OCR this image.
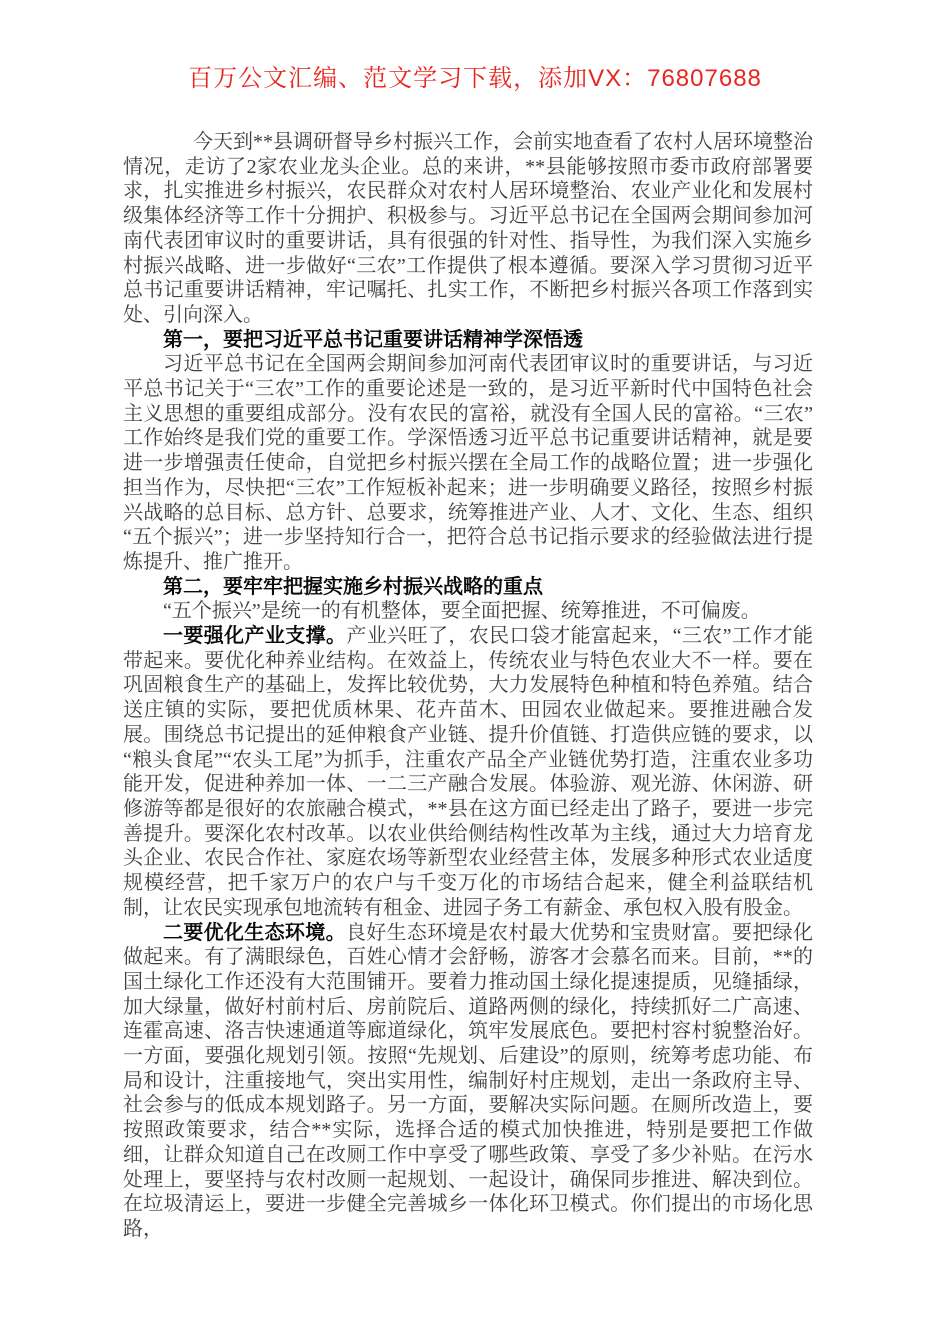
百万公文汇编、范文学习下载，添加VX：76807688

今天到**县调研督导乡村振兴工作，会前实地查看了农村人居环境整治情况，走访了2家农业龙头企业。总的来讲，**县能够按照市委市政府部署要求，扎实推进乡村振兴，农民群众对农村人居环境整治、农业产业化和发展村级集体经济等工作十分拥护、积极参与。习近平总书记在全国两会期间参加河南代表团审议时的重要讲话，具有很强的针对性、指导性，为我们深入实施乡村振兴战略、进一步做好“三农”工作提供了根本遵循。要深入学习贯彻习近平总书记重要讲话精神，牢记嘱托、扎实工作，不断把乡村振兴各项工作落到实处、引向深入。

第一，要把习近平总书记重要讲话精神学深悟透

习近平总书记在全国两会期间参加河南代表团审议时的重要讲话，与习近平总书记关于“三农”工作的重要论述是一致的，是习近平新时代中国特色社会主义思想的重要组成部分。没有农民的富裕，就没有全国人民的富裕。“三农”工作始终是我们党的重要工作。学深悟透习近平总书记重要讲话精神，就是要进一步增强责任使命，自觉把乡村振兴摆在全局工作的战略位置；进一步强化担当作为，尽快把“三农”工作短板补起来；进一步明确要义路径，按照乡村振兴战略的总目标、总方针、总要求，统筹推进产业、人才、文化、生态、组织“五个振兴”；进一步坚持知行合一，把符合总书记指示要求的经验做法进行提炼提升、推广推开。

第二，要牢牢把握实施乡村振兴战略的重点

“五个振兴”是统一的有机整体，要全面把握、统筹推进，不可偏废。

一要强化产业支撑。产业兴旺了，农民口袋才能富起来，“三农”工作才能带起来。要优化种养业结构。在效益上，传统农业与特色农业大不一样。要在巩固粮食生产的基础上，发挥比较优势，大力发展特色种植和特色养殖。结合送庄镇的实际，要把优质林果、花卉苗木、田园农业做起来。要推进融合发展。围绕总书记提出的延伸粮食产业链、提升价值链、打造供应链的要求，以“粮头食尾”“农头工尾”为抓手，注重农产品全产业链优势打造，注重农业多功能开发，促进种养加一体、一二三产融合发展。体验游、观光游、休闲游、研修游等都是很好的农旅融合模式，**县在这方面已经走出了路子，要进一步完善提升。要深化农村改革。以农业供给侧结构性改革为主线，通过大力培育龙头企业、农民合作社、家庭农场等新型农业经营主体，发展多种形式农业适度规模经营，把千家万户的农户与千变万化的市场结合起来，健全利益联结机制，让农民实现承包地流转有租金、进园子务工有薪金、承包权入股有股金。

二要优化生态环境。良好生态环境是农村最大优势和宝贵财富。要把绿化做起来。有了满眼绿色，百姓心情才会舒畅，游客才会慕名而来。目前，**的国土绿化工作还没有大范围铺开。要着力推动国土绿化提速提质，见缝插绿，加大绿量，做好村前村后、房前院后、道路两侧的绿化，持续抓好二广高速、连霍高速、洛吉快速通道等廊道绿化，筑牢发展底色。要把村容村貌整治好。一方面，要强化规划引领。按照“先规划、后建设”的原则，统筹考虑功能、布局和设计，注重接地气，突出实用性，编制好村庄规划，走出一条政府主导、社会参与的低成本规划路子。另一方面，要解决实际问题。在厕所改造上，要按照政策要求，结合**实际，选择合适的模式加快推进，特别是要把工作做细，让群众知道自己在改厕工作中享受了哪些政策、享受了多少补贴。在污水处理上，要坚持与农村改厕一起规划、一起设计，确保同步推进、解决到位。在垃圾清运上，要进一步健全完善城乡一体化环卫模式。你们提出的市场化思路，
